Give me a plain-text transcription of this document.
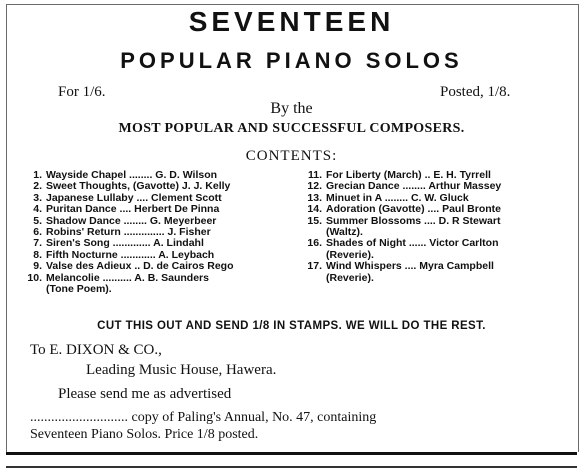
SEVENTEEN
POPULAR PIANO SOLOS
For 1/6.	Posted, 1/8.
By the
MOST POPULAR AND SUCCESSFUL COMPOSERS.
CONTENTS:
1. Wayside Chapel ........ G. D. Wilson
2. Sweet Thoughts, (Gavotte) J. J. Kelly
3. Japanese Lullaby .... Clement Scott
4. Puritan Dance .... Herbert De Pinna
5. Shadow Dance ........ G. Meyerbeer
6. Robins' Return .............. J. Fisher
7. Siren's Song ............. A. Lindahl
8. Fifth Nocturne ............ A. Leybach
9. Valse des Adieux .. D. de Cairos Rego
10. Melancolie .......... A. B. Saunders
(Tone Poem).
11. For Liberty (March) .. E. H. Tyrrell
12. Grecian Dance ........ Arthur Massey
13. Minuet in A ........ C. W. Gluck
14. Adoration (Gavotte) .... Paul Bronte
15. Summer Blossoms .... D. R Stewart
(Waltz).
16. Shades of Night ...... Victor Carlton
(Reverie).
17. Wind Whispers .... Myra Campbell
(Reverie).
CUT THIS OUT AND SEND 1/8 IN STAMPS. WE WILL DO THE REST.
To E. DIXON & CO.,
Leading Music House, Hawera.
Please send me as advertised
............................ copy of Paling's Annual, No. 47, containing
Seventeen Piano Solos. Price 1/8 posted.
